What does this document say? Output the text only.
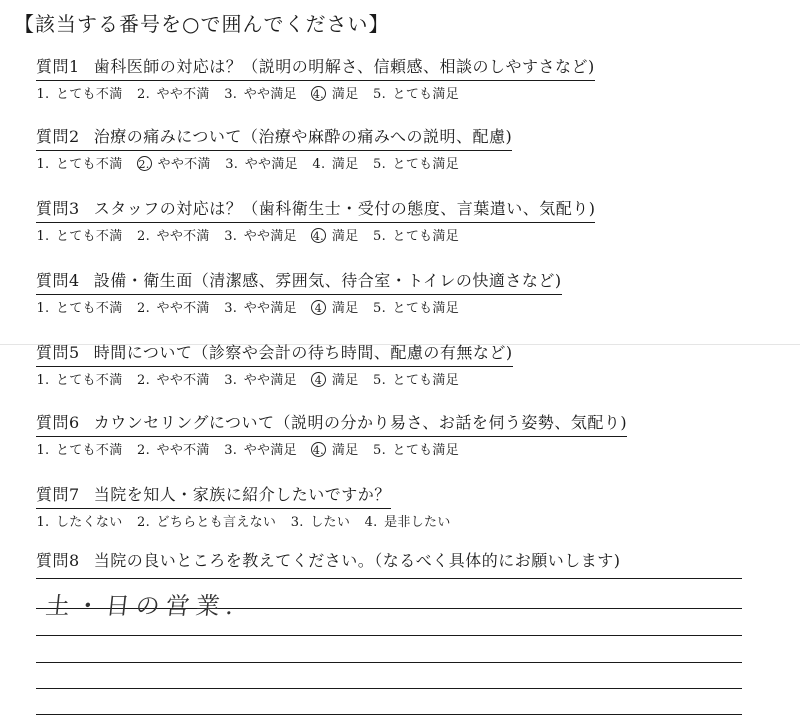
【該当する番号を○で囲んでください】
質問1 歯科医師の対応は？（説明の明解さ、信頼感、相談のしやすさなど)
1. とても不満 2. やや不満 3. やや満足 4. 満足 5. とても満足
質問2 治療の痛みについて（治療や麻酔の痛みへの説明、配慮)
1. とても不満 2. やや不満 3. やや満足 4. 満足 5. とても満足
質問3 スタッフの対応は？（歯科衛生士・受付の態度、言葉遣い、気配り)
1. とても不満 2. やや不満 3. やや満足 4. 満足 5. とても満足
質問4 設備・衛生面（清潔感、雰囲気、待合室・トイレの快適さなど)
1. とても不満 2. やや不満 3. やや満足 4 満足 5. とても満足
質問5 時間について（診察や会計の待ち時間、配慮の有無など)
1. とても不満 2. やや不満 3. やや満足 4 満足 5. とても満足
質問6 カウンセリングについて（説明の分かり易さ、お話を伺う姿勢、気配り)
1. とても不満 2. やや不満 3. やや満足 4. 満足 5. とても満足
質問7 当院を知人・家族に紹介したいですか？
1. したくない 2. どちらとも言えない 3. したい 4. 是非したい
質問8 当院の良いところを教えてください。（なるべく具体的にお願いします)
土・日の営業.
